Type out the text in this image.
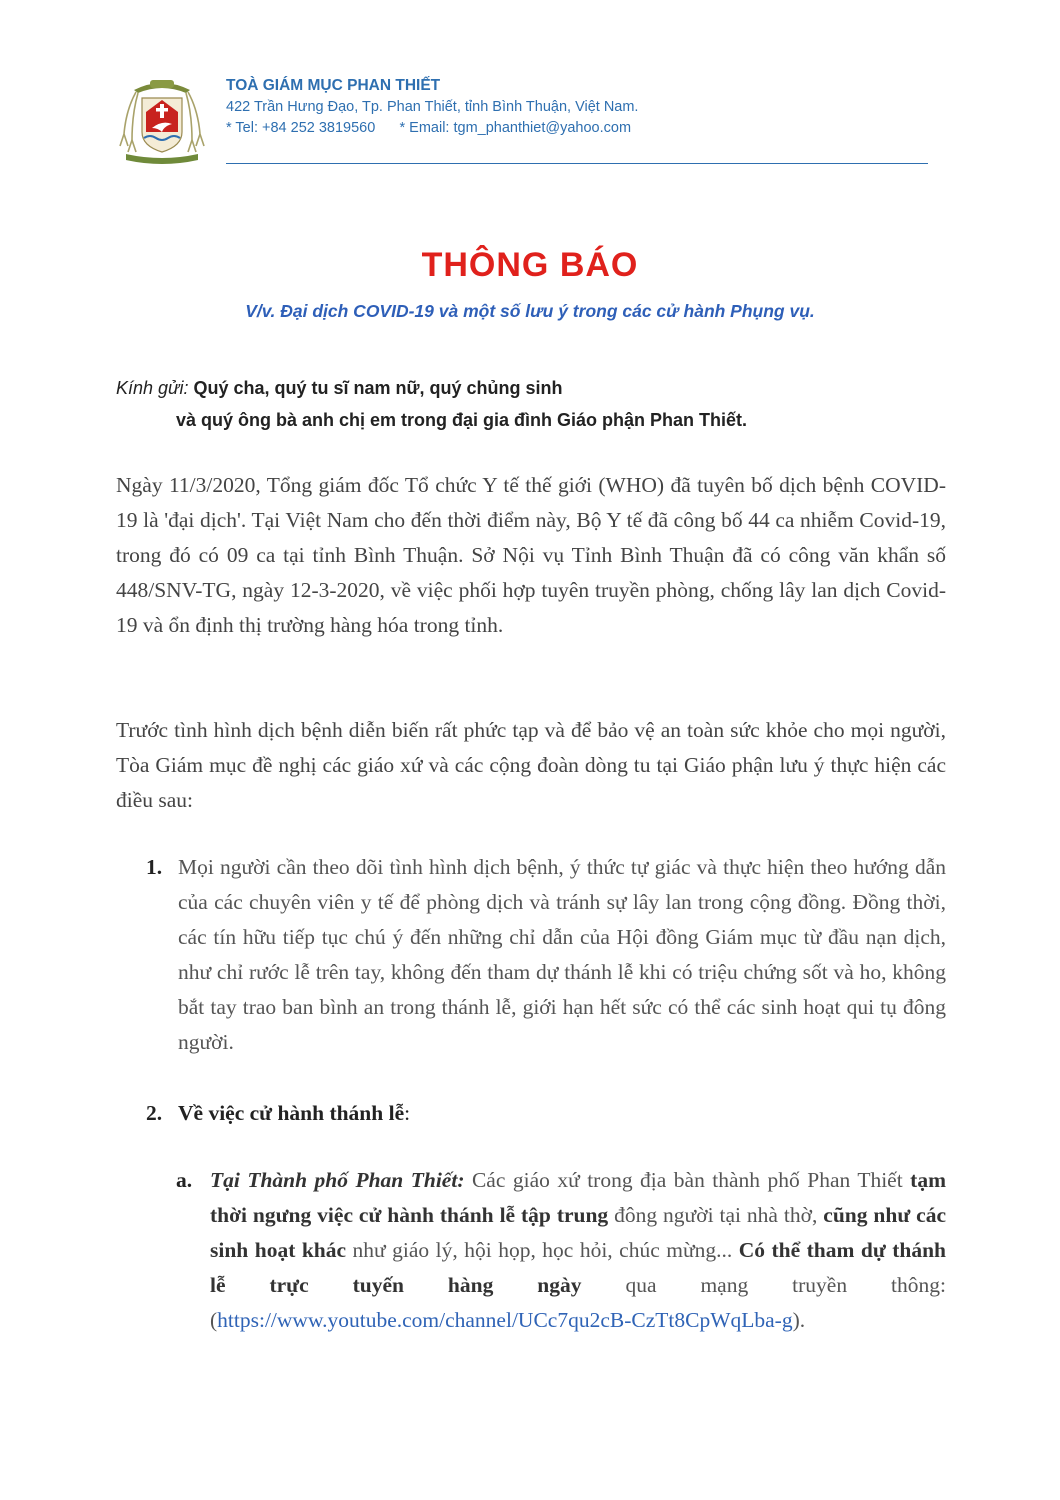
TOÀ GIÁM MỤC PHAN THIẾT
422 Trần Hưng Đạo, Tp. Phan Thiết, tỉnh Bình Thuận, Việt Nam.
* Tel: +84 252 3819560 * Email: tgm_phanthiet@yahoo.com
THÔNG BÁO
V/v. Đại dịch COVID-19 và một số lưu ý trong các cử hành Phụng vụ.
Kính gửi: Quý cha, quý tu sĩ nam nữ, quý chủng sinh
và quý ông bà anh chị em trong đại gia đình Giáo phận Phan Thiết.
Ngày 11/3/2020, Tổng giám đốc Tổ chức Y tế thế giới (WHO) đã tuyên bố dịch bệnh COVID-19 là 'đại dịch'. Tại Việt Nam cho đến thời điểm này, Bộ Y tế đã công bố 44 ca nhiễm Covid-19, trong đó có 09 ca tại tỉnh Bình Thuận. Sở Nội vụ Tỉnh Bình Thuận đã có công văn khẩn số 448/SNV-TG, ngày 12-3-2020, về việc phối hợp tuyên truyền phòng, chống lây lan dịch Covid-19 và ổn định thị trường hàng hóa trong tỉnh.
Trước tình hình dịch bệnh diễn biến rất phức tạp và để bảo vệ an toàn sức khỏe cho mọi người, Tòa Giám mục đề nghị các giáo xứ và các cộng đoàn dòng tu tại Giáo phận lưu ý thực hiện các điều sau:
1. Mọi người cần theo dõi tình hình dịch bệnh, ý thức tự giác và thực hiện theo hướng dẫn của các chuyên viên y tế để phòng dịch và tránh sự lây lan trong cộng đồng. Đồng thời, các tín hữu tiếp tục chú ý đến những chỉ dẫn của Hội đồng Giám mục từ đầu nạn dịch, như chỉ rước lễ trên tay, không đến tham dự thánh lễ khi có triệu chứng sốt và ho, không bắt tay trao ban bình an trong thánh lễ, giới hạn hết sức có thể các sinh hoạt qui tụ đông người.
2. Về việc cử hành thánh lễ:
a. Tại Thành phố Phan Thiết: Các giáo xứ trong địa bàn thành phố Phan Thiết tạm thời ngưng việc cử hành thánh lễ tập trung đông người tại nhà thờ, cũng như các sinh hoạt khác như giáo lý, hội họp, học hỏi, chúc mừng... Có thể tham dự thánh lễ trực tuyến hàng ngày qua mạng truyền thông: (https://www.youtube.com/channel/UCc7qu2cB-CzTt8CpWqLba-g).
